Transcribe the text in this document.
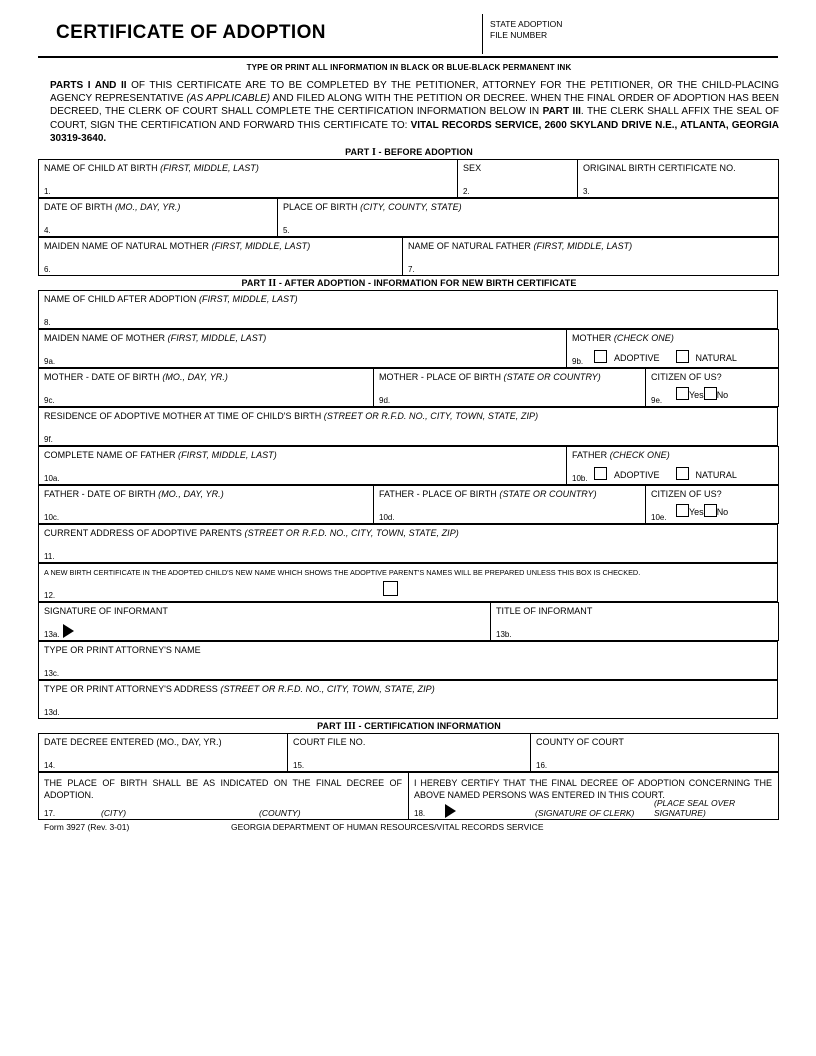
CERTIFICATE OF ADOPTION	STATE ADOPTION
FILE NUMBER
TYPE OR PRINT ALL INFORMATION IN BLACK OR BLUE-BLACK PERMANENT INK
PARTS I AND II OF THIS CERTIFICATE ARE TO BE COMPLETED BY THE PETITIONER, ATTORNEY FOR THE PETITIONER, OR THE CHILD-PLACING AGENCY REPRESENTATIVE (AS APPLICABLE) AND FILED ALONG WITH THE PETITION OR DECREE. WHEN THE FINAL ORDER OF ADOPTION HAS BEEN DECREED, THE CLERK OF COURT SHALL COMPLETE THE CERTIFICATION INFORMATION BELOW IN PART III. THE CLERK SHALL AFFIX THE SEAL OF COURT, SIGN THE CERTIFICATION AND FORWARD THIS CERTIFICATE TO: VITAL RECORDS SERVICE, 2600 SKYLAND DRIVE N.E., ATLANTA, GEORGIA 30319-3640.
PART I - BEFORE ADOPTION
NAME OF CHILD AT BIRTH (FIRST, MIDDLE, LAST)
1.

SEX
2.

ORIGINAL BIRTH CERTIFICATE NO.
3.
DATE OF BIRTH (MO., DAY, YR.)
4.

PLACE OF BIRTH (CITY, COUNTY, STATE)
5.
MAIDEN NAME OF NATURAL MOTHER (FIRST, MIDDLE, LAST)
6.

NAME OF NATURAL FATHER (FIRST, MIDDLE, LAST)
7.
PART II - AFTER ADOPTION - INFORMATION FOR NEW BIRTH CERTIFICATE
NAME OF CHILD AFTER ADOPTION (FIRST, MIDDLE, LAST)
8.
MAIDEN NAME OF MOTHER (FIRST, MIDDLE, LAST)
9a.

MOTHER (CHECK ONE)
ADOPTIVE	NATURAL
9b.
MOTHER - DATE OF BIRTH (MO., DAY, YR.)
9c.

MOTHER - PLACE OF BIRTH (STATE OR COUNTRY)
9d.

CITIZEN OF US?
Yes No
9e.
RESIDENCE OF ADOPTIVE MOTHER AT TIME OF CHILD'S BIRTH (STREET OR R.F.D. NO., CITY, TOWN, STATE, ZIP)
9f.
COMPLETE NAME OF FATHER (FIRST, MIDDLE, LAST)
10a.

FATHER (CHECK ONE)
ADOPTIVE	NATURAL
10b.
FATHER - DATE OF BIRTH (MO., DAY, YR.)
10c.

FATHER - PLACE OF BIRTH (STATE OR COUNTRY)
10d.

CITIZEN OF US?
Yes No
10e.
CURRENT ADDRESS OF ADOPTIVE PARENTS (STREET OR R.F.D. NO., CITY, TOWN, STATE, ZIP)
11.
A NEW BIRTH CERTIFICATE IN THE ADOPTED CHILD'S NEW NAME WHICH SHOWS THE ADOPTIVE PARENT'S NAMES WILL BE PREPARED UNLESS THIS BOX IS CHECKED.
12.
SIGNATURE OF INFORMANT
13a.

TITLE OF INFORMANT
13b.
TYPE OR PRINT ATTORNEY'S NAME
13c.
TYPE OR PRINT ATTORNEY'S ADDRESS (STREET OR R.F.D. NO., CITY, TOWN, STATE, ZIP)
13d.
PART III - CERTIFICATION INFORMATION
DATE DECREE ENTERED (MO., DAY, YR.)
14.

COURT FILE NO.
15.

COUNTY OF COURT
16.
THE PLACE OF BIRTH SHALL BE AS INDICATED ON THE FINAL DECREE OF ADOPTION.
17.	(CITY)	(COUNTY)

I HEREBY CERTIFY THAT THE FINAL DECREE OF ADOPTION CONCERNING THE ABOVE NAMED PERSONS WAS ENTERED IN THIS COURT.
18.	(SIGNATURE OF CLERK)
(PLACE SEAL OVER SIGNATURE)
Form 3927 (Rev. 3-01)	GEORGIA DEPARTMENT OF HUMAN RESOURCES/VITAL RECORDS SERVICE
